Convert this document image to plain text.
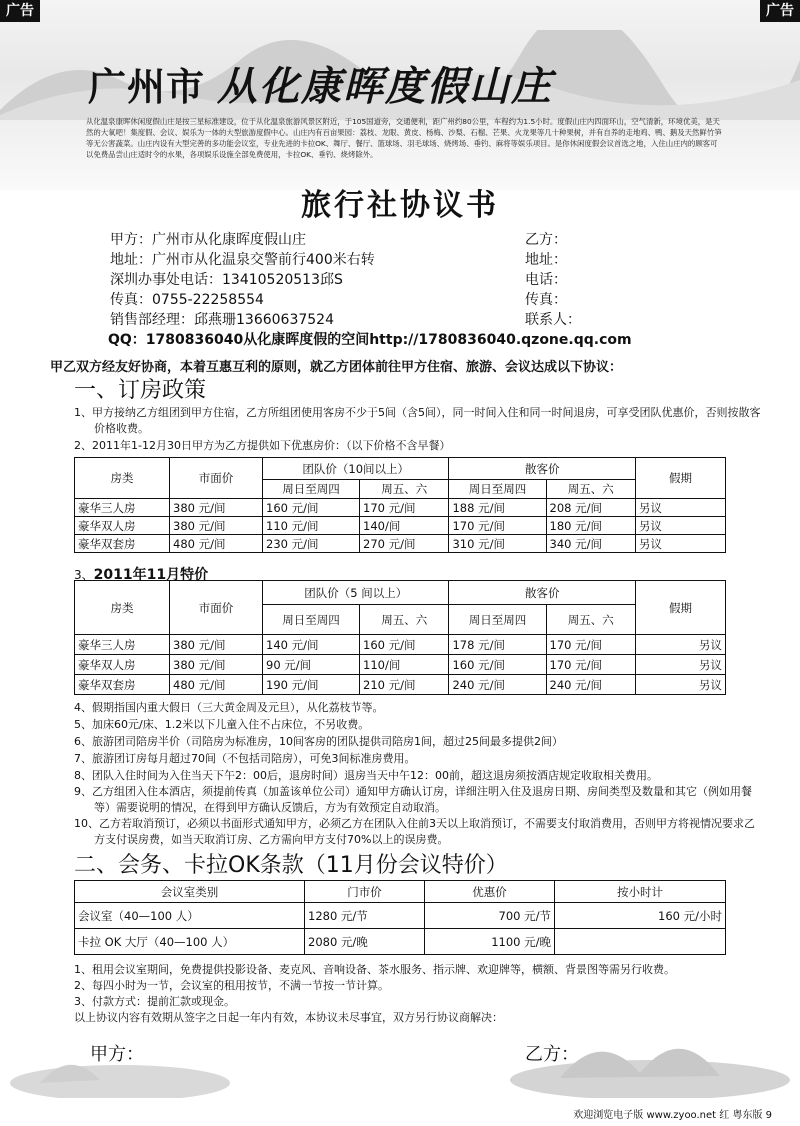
广告	广告
广州市 从化康晖度假山庄
从化温泉康晖休闲度假山庄是按三星标准建设，位于从化温泉旅游风景区附近，于105国道旁，交通便利，距广州约80公里，车程约为1.5小时。度假山庄内四面环山，空气清新，环境优美，是天然的大氧吧！集度假、会议、娱乐为一体的大型旅游度假中心。山庄内有百亩果园：荔枝、龙眼、黄皮、杨梅、沙梨、石榴、芒果、火龙果等几十种果树，并有自养的走地鸡、鸭、鹅及天然鲜竹笋等无公害蔬菜。山庄内设有大型完善的多功能会议室，专业先进的卡拉OK、舞厅、餐厅、篮球场、羽毛球场、烧烤场、垂钓、麻将等娱乐项目。是你休闲度假会议首选之地，入住山庄内的顾客可以免费品尝山庄适时令的水果，各项娱乐设施全部免费使用，卡拉OK、垂钓、烧烤除外。
旅行社协议书
甲方：广州市从化康晖度假山庄
地址：广州市从化温泉交警前行400米右转
深圳办事处电话：13410520513邱S
传真：0755-22258554
销售部经理：邱燕珊13660637524
乙方：
地址：
电话：
传真：
联系人：
QQ：1780836040从化康晖度假的空间http://1780836040.qzone.qq.com
甲乙双方经友好协商，本着互惠互利的原则，就乙方团体前往甲方住宿、旅游、会议达成以下协议：
一、订房政策
1、甲方接纳乙方组团到甲方住宿，乙方所组团使用客房不少于5间（含5间），同一时间入住和同一时间退房，可享受团队优惠价，否则按散客价格收费。
2、2011年1-12月30日甲方为乙方提供如下优惠房价：（以下价格不含早餐）
房类	市面价	团队价（10间以上）		散客价		假期
		周日至周四	周五、六	周日至周四	周五、六	
豪华三人房	380 元/间	160 元/间	170 元/间	188 元/间	208 元/间	另议
豪华双人房	380 元/间	110 元/间	140/间	170 元/间	180 元/间	另议
豪华双套房	480 元/间	230 元/间	270 元/间	310 元/间	340 元/间	另议
3、2011年11月特价
房类	市面价	团队价（5 间以上）		散客价		假期
		周日至周四	周五、六	周日至周四	周五、六	
豪华三人房	380 元/间	140 元/间	160 元/间	178 元/间	170 元/间	另议
豪华双人房	380 元/间	90 元/间	110/间	160 元/间	170 元/间	另议
豪华双套房	480 元/间	190 元/间	210 元/间	240 元/间	240 元/间	另议
4、假期指国内重大假日（三大黄金周及元旦），从化荔枝节等。
5、加床60元/床、1.2米以下儿童入住不占床位，不另收费。
6、旅游团司陪房半价（司陪房为标准房，10间客房的团队提供司陪房1间，超过25间最多提供2间）
7、旅游团订房每月超过70间（不包括司陪房），可免3间标准房费用。
8、团队入住时间为入住当天下午2：00后，退房时间）退房当天中午12：00前，超这退房须按酒店规定收取相关费用。
9、乙方组团入住本酒店，须提前传真（加盖该单位公司）通知甲方确认订房，详细注明入住及退房日期、房间类型及数量和其它（例如用餐等）需要说明的情况，在得到甲方确认反馈后，方为有效预定自动取消。
10、乙方若取消预订，必须以书面形式通知甲方，必须乙方在团队入住前3天以上取消预订，不需要支付取消费用，否则甲方将视情况要求乙方支付误房费，如当天取消订房、乙方需向甲方支付70%以上的误房费。
二、会务、卡拉OK条款（11月份会议特价）
会议室类别	门市价	优惠价	按小时计
会议室（40—100 人）	1280 元/节	700 元/节	160 元/小时
卡拉 OK 大厅（40—100 人）	2080 元/晚	1100 元/晚	
1、租用会议室期间，免费提供投影设备、麦克风、音响设备、茶水服务、指示牌、欢迎牌等，横额、背景图等需另行收费。
2、每四小时为一节，会议室的租用按节，不满一节按一节计算。
3、付款方式：提前汇款或现金。
以上协议内容有效期从签字之日起一年内有效，本协议未尽事宜，双方另行协议商解决：
甲方：	乙方：
欢迎浏览电子版 www.zyoo.net 红 粤东版 9
